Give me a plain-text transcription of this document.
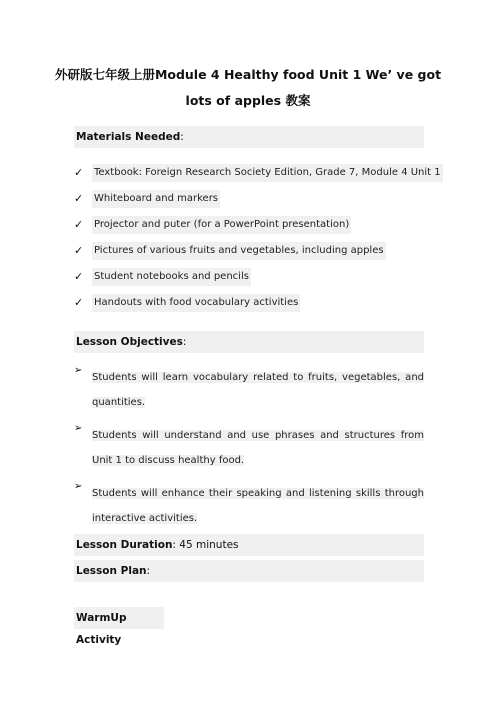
外研版七年级上册Module 4 Healthy food Unit 1 We’ ve got
lots of apples 教案
Materials Needed:
✓	Textbook: Foreign Research Society Edition, Grade 7, Module 4 Unit 1
✓	Whiteboard and markers
✓	Projector and puter (for a PowerPoint presentation)
✓	Pictures of various fruits and vegetables, including apples
✓	Student notebooks and pencils
✓	Handouts with food vocabulary activities
Lesson Objectives:
➢
Students will learn vocabulary related to fruits, vegetables, and quantities.
➢
Students will understand and use phrases and structures from Unit 1 to discuss healthy food.
➢
Students will enhance their speaking and listening skills through interactive activities.
Lesson Duration: 45 minutes
Lesson Plan:
WarmUp Activity
